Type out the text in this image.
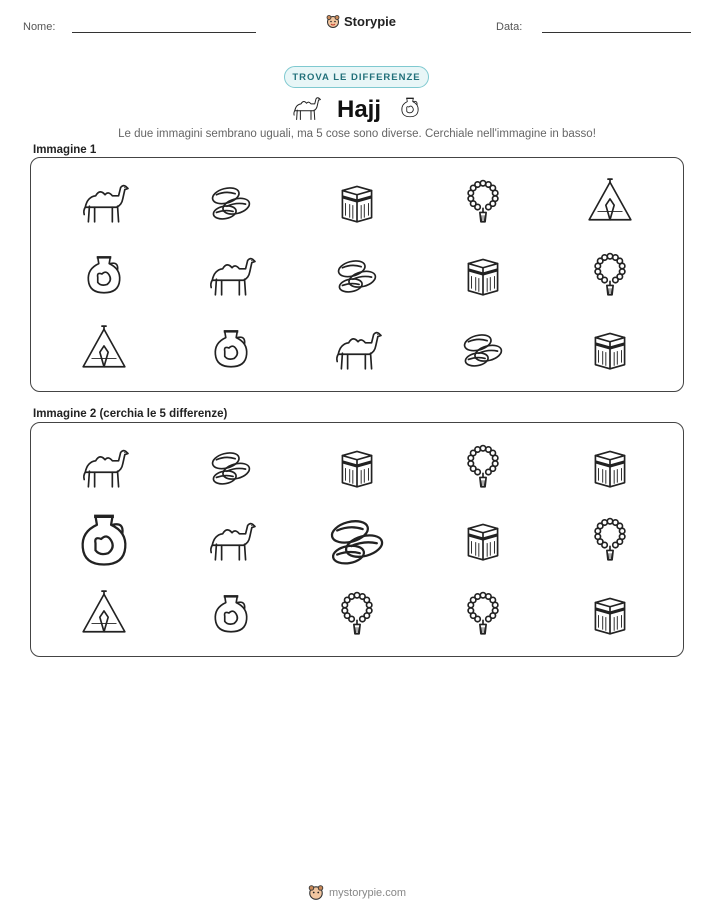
Nome:	Storypie	Data:
TROVA LE DIFFERENZE
Hajj
Le due immagini sembrano uguali, ma 5 cose sono diverse. Cerchiale nell'immagine in basso!
Immagine 1
Immagine 2 (cerchia le 5 differenze)
mystorypie.com
